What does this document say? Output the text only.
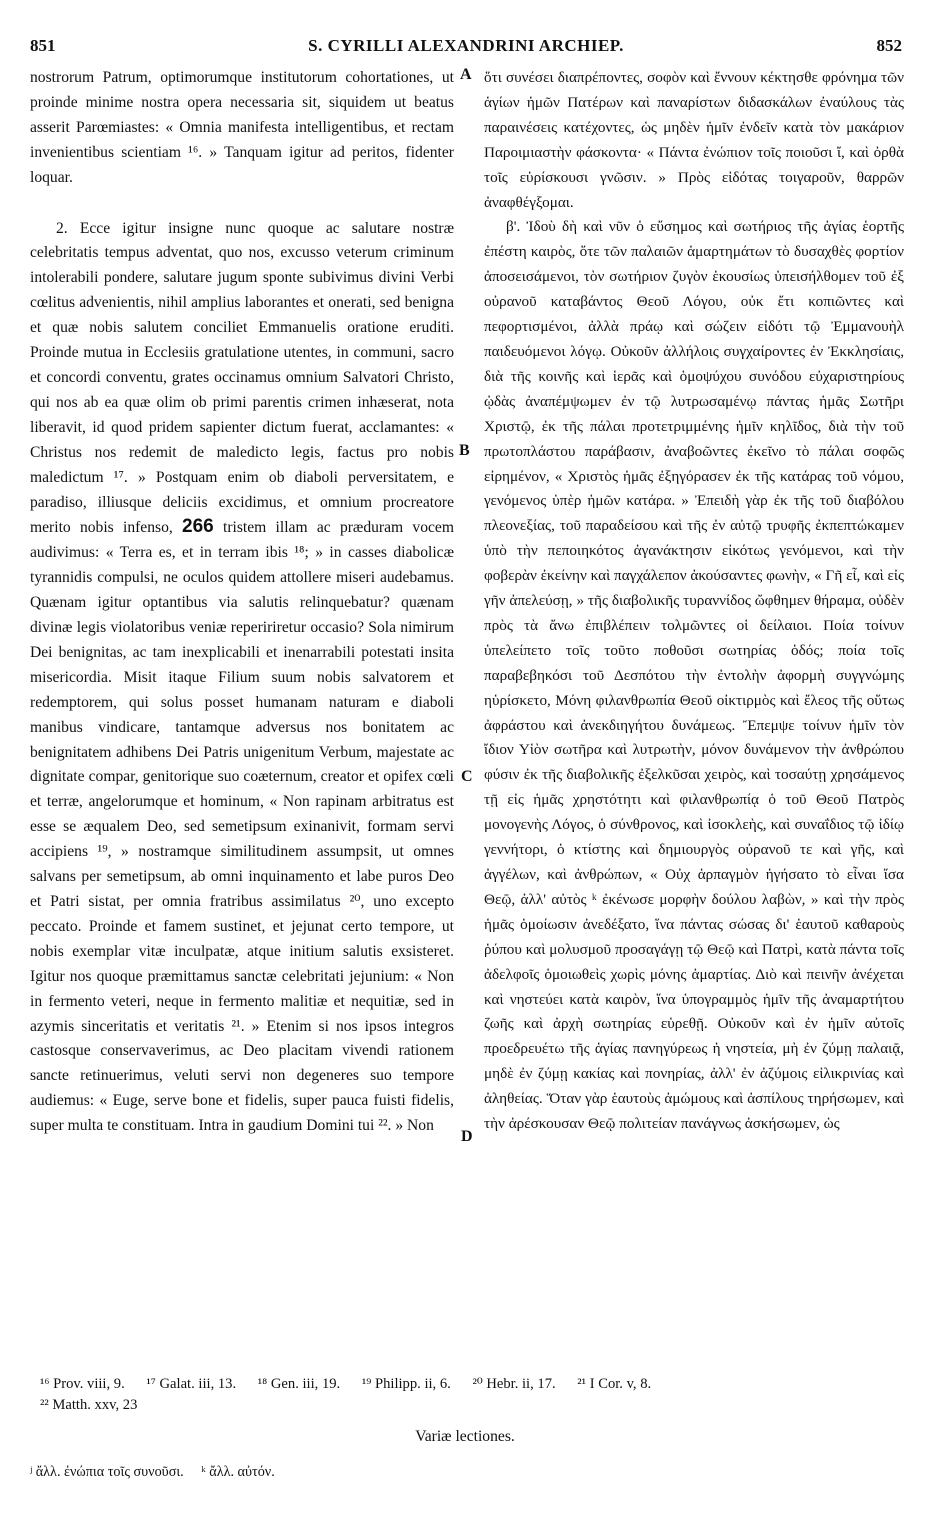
851	S. CYRILLI ALEXANDRINI ARCHIEP.	852

nostrorum Patrum, optimorumque institutorum cohortationes, ut proinde minime nostra opera necessaria sit, siquidem ut beatus asserit Parœmiastes: « Omnia manifesta intelligentibus, et rectam invenientibus scientiam ¹⁶. » Tanquam igitur ad peritos, fidenter loquar.

2. Ecce igitur insigne nunc quoque ac salutare nostræ celebritatis tempus adventat, quo nos, excusso veterum criminum intolerabili pondere, salutare jugum sponte subivimus divini Verbi cœlitus advenientis, nihil amplius laborantes et onerati, sed benigna et quæ nobis salutem conciliet Emmanuelis oratione eruditi. Proinde mutua in Ecclesiis gratulatione utentes, in communi, sacro et concordi conventu, grates occinamus omnium Salvatori Christo, qui nos ab ea quæ olim ob primi parentis crimen inhæserat, nota liberavit, id quod pridem sapienter dictum fuerat, acclamantes: « Christus nos redemit de maledicto legis, factus pro nobis maledictum ¹⁷. » Postquam enim ob diaboli perversitatem, e paradiso, illiusque deliciis excidimus, et omnium procreatore merito nobis infenso, 266 tristem illam ac præduram vocem audivimus: « Terra es, et in terram ibis ¹⁸; » in casses diabolicæ tyrannidis compulsi, ne oculos quidem attollere miseri audebamus. Quænam igitur optantibus via salutis relinquebatur? quænam divinæ legis violatoribus veniæ repeririretur occasio? Sola nimirum Dei benignitas, ac tam inexplicabili et inenarrabili potestati insita misericordia. Misit itaque Filium suum nobis salvatorem et redemptorem, qui solus posset humanam naturam e diaboli manibus vindicare, tantamque adversus nos bonitatem ac benignitatem adhibens Dei Patris unigenitum Verbum, majestate ac dignitate compar, genitorique suo coæternum, creator et opifex cœli et terræ, angelorumque et hominum, « Non rapinam arbitratus est esse se æqualem Deo, sed semetipsum exinanivit, formam servi accipiens ¹⁹, » nostramque similitudinem assumpsit, ut omnes salvans per semetipsum, ab omni inquinamento et labe puros Deo et Patri sistat, per omnia fratribus assimilatus ²⁰, uno excepto peccato. Proinde et famem sustinet, et jejunat certo tempore, ut nobis exemplar vitæ inculpatæ, atque initium salutis exsisteret. Igitur nos quoque præmittamus sanctæ celebritati jejunium: « Non in fermento veteri, neque in fermento malitiæ et nequitiæ, sed in azymis sinceritatis et veritatis ²¹. » Etenim si nos ipsos integros castosque conservaverimus, ac Deo placitam vivendi rationem sancte retinuerimus, veluti servi non degeneres suo tempore audiemus: « Euge, serve bone et fidelis, super pauca fuisti fidelis, super multa te constituam. Intra in gaudium Domini tui ²². » Non

A
B
C
D

ὅτι συνέσει διαπρέποντες, σοφὸν καὶ ἔννουν κέκτησθε φρόνημα τῶν ἁγίων ἡμῶν Πατέρων καὶ παναρίστων διδασκάλων ἐναύλους τὰς παραινέσεις κατέχοντες, ὡς μηδὲν ἡμῖν ἐνδεῖν κατὰ τὸν μακάριον Παροιμιαστὴν φάσκοντα· « Πάντα ἐνώπιον τοῖς ποιοῦσι ἴ, καὶ ὀρθὰ τοῖς εὑρίσκουσι γνῶσιν. » Πρὸς εἰδότας τοιγαροῦν, θαρρῶν ἀναφθέγξομαι.

β'. Ἰδοὺ δὴ καὶ νῦν ὁ εὔσημος καὶ σωτήριος τῆς ἁγίας ἑορτῆς ἐπέστη καιρὸς, ὅτε τῶν παλαιῶν ἁμαρτημάτων τὸ δυσαχθὲς φορτίον ἀποσεισάμενοι, τὸν σωτήριον ζυγὸν ἑκουσίως ὑπεισήλθομεν τοῦ ἐξ οὐρανοῦ καταβάντος Θεοῦ Λόγου, οὐκ ἔτι κοπιῶντες καὶ πεφορτισμένοι, ἀλλὰ πράῳ καὶ σώζειν εἰδότι τῷ Ἐμμανουὴλ παιδευόμενοι λόγῳ. Οὐκοῦν ἀλλήλοις συγχαίροντες ἐν Ἐκκλησίαις, διὰ τῆς κοινῆς καὶ ἱερᾶς καὶ ὁμοψύχου συνόδου εὐχαριστηρίους ᾠδὰς ἀναπέμψωμεν ἐν τῷ λυτρωσαμένῳ πάντας ἡμᾶς Σωτῆρι Χριστῷ, ἐκ τῆς πάλαι προτετριμμένης ἡμῖν κηλῖδος, διὰ τὴν τοῦ πρωτοπλάστου παράβασιν, ἀναβοῶντες ἐκεῖνο τὸ πάλαι σοφῶς εἰρημένον, « Χριστὸς ἡμᾶς ἐξηγόρασεν ἐκ τῆς κατάρας τοῦ νόμου, γενόμενος ὑπὲρ ἡμῶν κατάρα. » Ἐπειδὴ γὰρ ἐκ τῆς τοῦ διαβόλου πλεονεξίας, τοῦ παραδείσου καὶ τῆς ἐν αὐτῷ τρυφῆς ἐκπεπτώκαμεν ὑπὸ τὴν πεποιηκότος ἀγανάκτησιν εἰκότως γενόμενοι, καὶ τὴν φοβερὰν ἐκείνην καὶ παγχάλεπον ἀκούσαντες φωνὴν, « Γῆ εἶ, καὶ εἰς γῆν ἀπελεύσῃ, » τῆς διαβολικῆς τυραννίδος ὤφθημεν θήραμα, οὐδὲν πρὸς τὰ ἄνω ἐπιβλέπειν τολμῶντες οἱ δείλαιοι. Ποία τοίνυν ὑπελείπετο τοῖς τοῦτο ποθοῦσι σωτηρίας ὁδός; ποία τοῖς παραβεβηκόσι τοῦ Δεσπότου τὴν ἐντολὴν ἀφορμὴ συγγνώμης ηὑρίσκετο, Μόνη φιλανθρωπία Θεοῦ οἰκτιρμὸς καὶ ἔλεος τῆς οὕτως ἀφράστου καὶ ἀνεκδιηγήτου δυνάμεως. Ἔπεμψε τοίνυν ἡμῖν τὸν ἴδιον Υἱὸν σωτῆρα καὶ λυτρωτὴν, μόνον δυνάμενον τὴν ἀνθρώπου φύσιν ἐκ τῆς διαβολικῆς ἐξελκῦσαι χειρὸς, καὶ τοσαύτῃ χρησάμενος τῇ εἰς ἡμᾶς χρηστότητι καὶ φιλανθρωπίᾳ ὁ τοῦ Θεοῦ Πατρὸς μονογενὴς Λόγος, ὁ σύνθρονος, καὶ ἰσοκλεὴς, καὶ συναΐδιος τῷ ἰδίῳ γεννήτορι, ὁ κτίστης καὶ δημιουργὸς οὐρανοῦ τε καὶ γῆς, καὶ ἀγγέλων, καὶ ἀνθρώπων, « Οὐχ ἁρπαγμὸν ἡγήσατο τὸ εἶναι ἴσα Θεῷ, ἀλλ' αὐτὸς ᵏ ἐκένωσε μορφὴν δούλου λαβὼν, » καὶ τὴν πρὸς ἡμᾶς ὁμοίωσιν ἀνεδέξατο, ἵνα πάντας σώσας δι' ἑαυτοῦ καθαροὺς ῥύπου καὶ μολυσμοῦ προσαγάγῃ τῷ Θεῷ καὶ Πατρὶ, κατὰ πάντα τοῖς ἀδελφοῖς ὁμοιωθεὶς χωρὶς μόνης ἁμαρτίας. Διὸ καὶ πεινῆν ἀνέχεται καὶ νηστεύει κατὰ καιρὸν, ἵνα ὑπογραμμὸς ἡμῖν τῆς ἀναμαρτήτου ζωῆς καὶ ἀρχὴ σωτηρίας εὑρεθῇ. Οὐκοῦν καὶ ἐν ἡμῖν αὐτοῖς προεδρευέτω τῆς ἁγίας πανηγύρεως ἡ νηστεία, μὴ ἐν ζύμῃ παλαιᾷ, μηδὲ ἐν ζύμῃ κακίας καὶ πονηρίας, ἀλλ' ἐν ἀζύμοις εἰλικρινίας καὶ ἀληθείας. Ὅταν γὰρ ἑαυτοὺς ἀμώμους καὶ ἀσπίλους τηρήσωμεν, καὶ τὴν ἀρέσκουσαν Θεῷ πολιτείαν πανάγνως ἀσκήσωμεν, ὡς

¹⁶ Prov. viii, 9. ¹⁷ Galat. iii, 13. ¹⁸ Gen. iii, 19. ¹⁹ Philipp. ii, 6. ²⁰ Hebr. ii, 17. ²¹ I Cor. v, 8.
²² Matth. xxv, 23
Variæ lectiones.
ʲ ἄλλ. ἐνώπια τοῖς συνοῦσι. ᵏ ἄλλ. αὐτόν.
